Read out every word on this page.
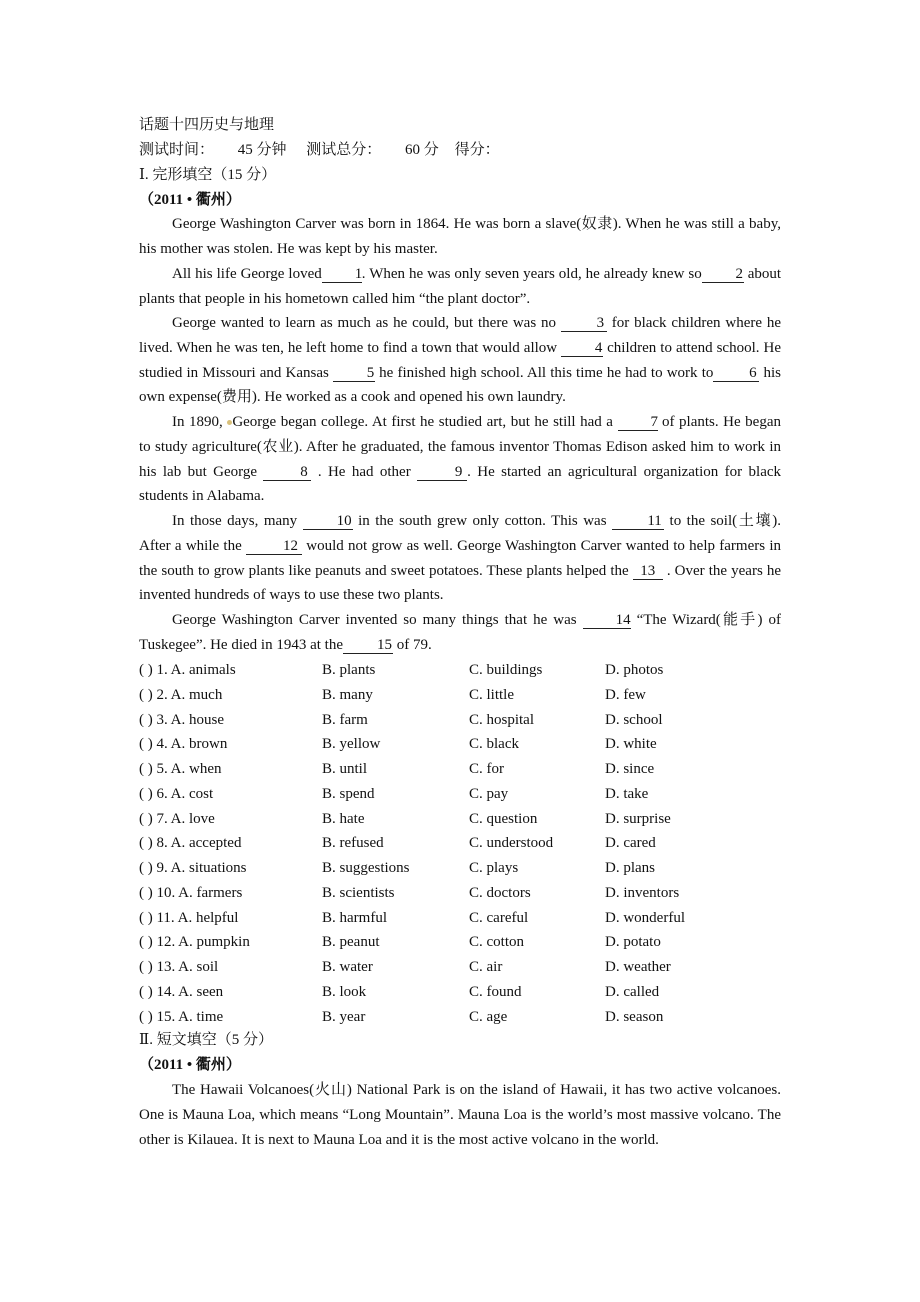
话题十四历史与地理
测试时间： 45 分钟 测试总分： 60 分 得分：
Ⅰ. 完形填空（15 分）
（2011 • 衢州）
George Washington Carver was born in 1864. He was born a slave(奴隶). When he was still a baby, his mother was stolen. He was kept by his master.
All his life George loved 1. When he was only seven years old, he already knew so 2 about plants that people in his hometown called him “the plant doctor”.
George wanted to learn as much as he could, but there was no	3 for black children where he lived. When he was ten, he left home to find a town that would allow	4 children to attend school. He studied in Missouri and Kansas	5 he finished high school. All this time he had to work to 6 his own expense(费用). He worked as a cook and opened his own laundry.
In 1890, George began college. At first he studied art, but he still had a	7 of plants. He began to study agriculture(农业). After he graduated, the famous inventor Thomas Edison asked him to work in his lab but George	8 . He had other	9 . He started an agricultural organization for black students in Alabama.
In those days, many	10 in the south grew only cotton. This was	11 to the soil(土壤). After a while the	12 would not grow as well. George Washington Carver wanted to help farmers in the south to grow plants like peanuts and sweet potatoes. These plants helped the 13 . Over the years he invented hundreds of ways to use these two plants.
George Washington Carver invented so many things that he was	14 “The Wizard(能手) of Tuskegee”. He died in 1943 at the 15 of 79.
( ) 1. A. animals	B. plants	C. buildings	D. photos
( ) 2. A. much	B. many	C. little	D. few
( ) 3. A. house	B. farm	C. hospital	D. school
( ) 4. A. brown	B. yellow	C. black	D. white
( ) 5. A. when	B. until	C. for	D. since
( ) 6. A. cost	B. spend	C. pay	D. take
( ) 7. A. love	B. hate	C. question	D. surprise
( ) 8. A. accepted	B. refused	C. understood	D. cared
( ) 9. A. situations	B. suggestions	C. plays	D. plans
( ) 10. A. farmers	B. scientists	C. doctors	D. inventors
( ) 11. A. helpful	B. harmful	C. careful	D. wonderful
( ) 12. A. pumpkin	B. peanut	C. cotton	D. potato
( ) 13. A. soil	B. water	C. air	D. weather
( ) 14. A. seen	B. look	C. found	D. called
( ) 15. A. time	B. year	C. age	D. season
Ⅱ. 短文填空（5 分）
（2011 • 衢州）
The Hawaii Volcanoes(火山) National Park is on the island of Hawaii, it has two active volcanoes. One is Mauna Loa, which means “Long Mountain”. Mauna Loa is the world’s most massive volcano. The other is Kilauea. It is next to Mauna Loa and it is the most active volcano in the world.
